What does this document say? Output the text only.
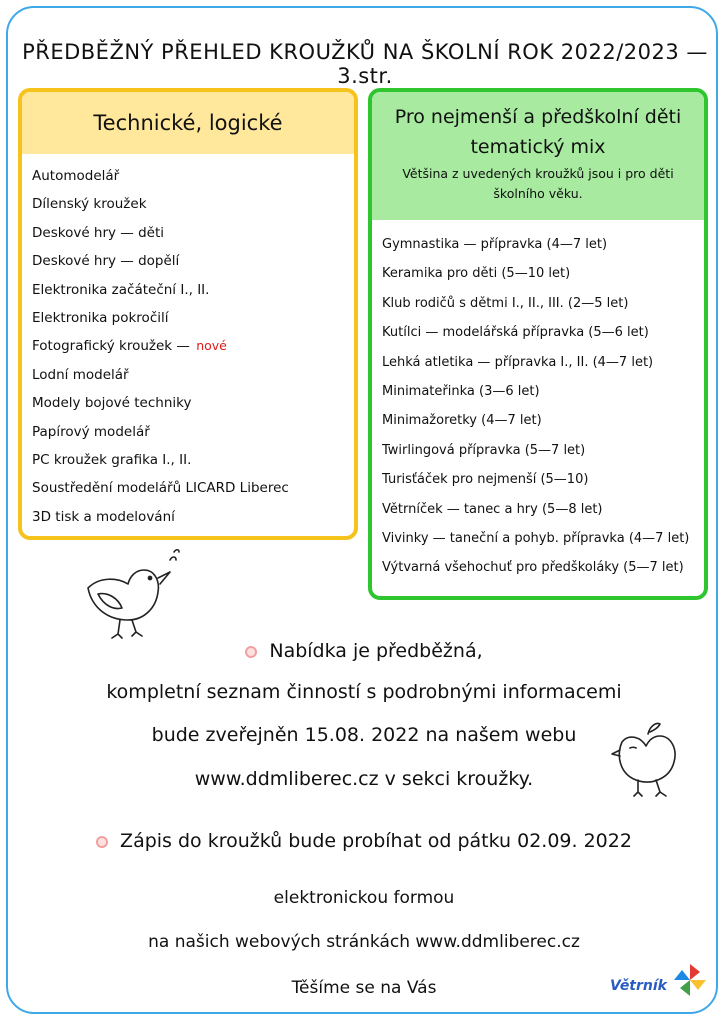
PŘEDBĚŽNÝ PŘEHLED KROUŽKŮ NA ŠKOLNÍ ROK 2022/2023 — 3.str.
Technické, logické
Automodelář
Dílenský kroužek
Deskové hry — děti
Deskové hry — dopělí
Elektronika začáteční I., II.
Elektronika pokročilí
Fotografický kroužek — nové
Lodní modelář
Modely bojové techniky
Papírový modelář
PC kroužek grafika I., II.
Soustředění modelářů LICARD Liberec
3D tisk a modelování
Pro nejmenší a předškolní děti
tematický mix
Většina z uvedených kroužků jsou i pro děti
školního věku.
Gymnastika — přípravka (4—7 let)
Keramika pro děti (5—10 let)
Klub rodičů s dětmi I., II., III. (2—5 let)
Kutílci — modelářská přípravka (5—6 let)
Lehká atletika — přípravka I., II. (4—7 let)
Minimateřinka (3—6 let)
Minimažoretky (4—7 let)
Twirlingová přípravka (5—7 let)
Turisťáček pro nejmenší (5—10)
Větrníček — tanec a hry (5—8 let)
Vivinky — taneční a pohyb. přípravka (4—7 let)
Výtvarná všehochuť pro předškoláky (5—7 let)
Nabídka je předběžná,
kompletní seznam činností s podrobnými informacemi
bude zveřejněn 15.08. 2022 na našem webu
www.ddmliberec.cz v sekci kroužky.
Zápis do kroužků bude probíhat od pátku 02.09. 2022
elektronickou formou
na našich webových stránkách www.ddmliberec.cz
Těšíme se na Vás	Větrník
